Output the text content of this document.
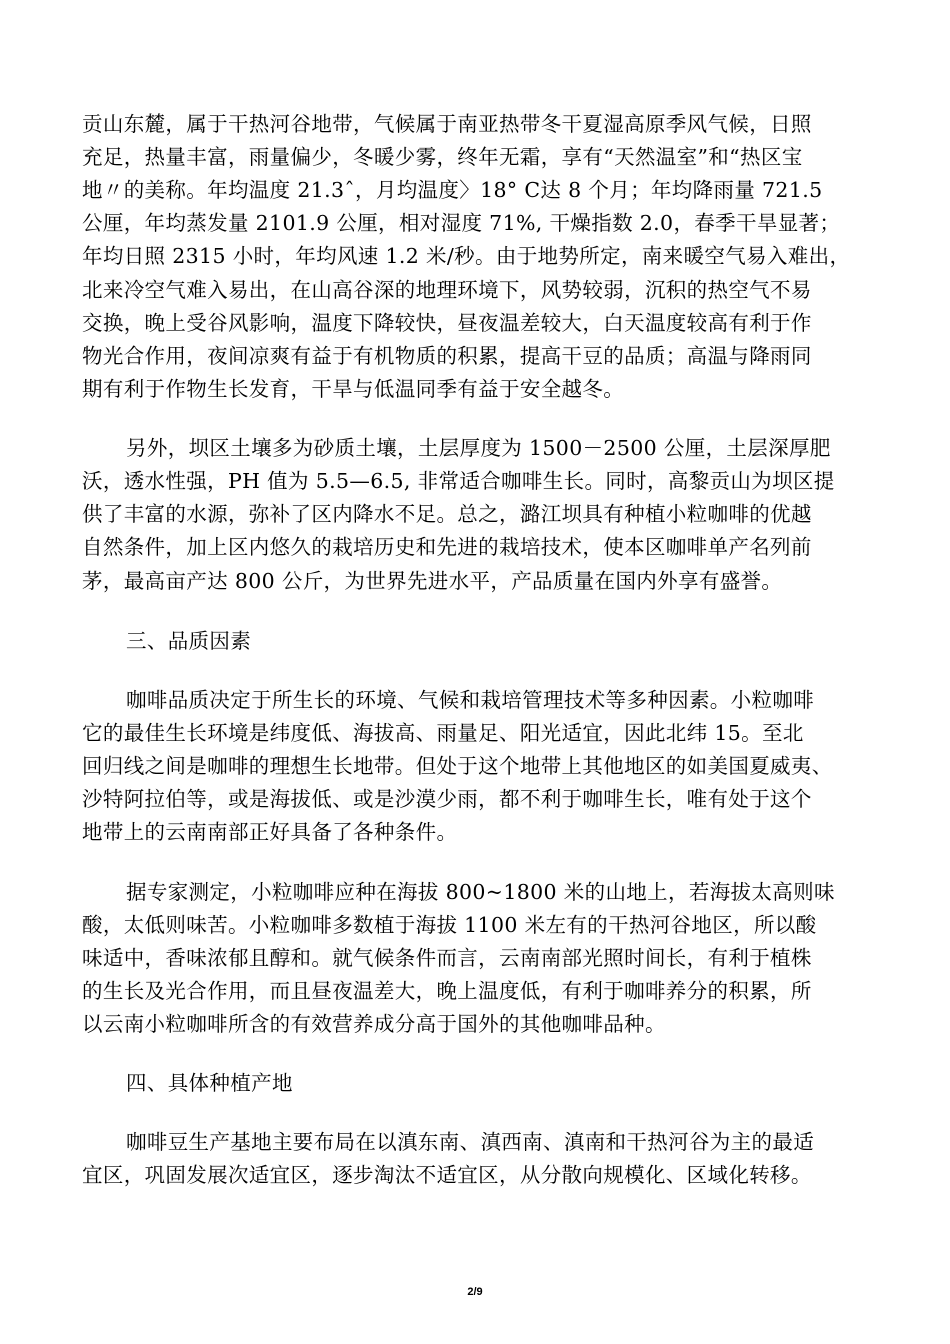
贡山东麓，属于干热河谷地带，气候属于南亚热带冬干夏湿高原季风气候，日照
充足，热量丰富，雨量偏少，冬暖少雾，终年无霜，享有“天然温室”和“热区宝
地〃的美称。年均温度 21.3ˆ，月均温度〉18° C达 8 个月；年均降雨量 721.5
公厘，年均蒸发量 2101.9 公厘，相对湿度 71%, 干燥指数 2.0，春季干旱显著；
年均日照 2315 小时，年均风速 1.2 米/秒。由于地势所定，南来暖空气易入难出，
北来冷空气难入易出，在山高谷深的地理环境下，风势较弱，沉积的热空气不易
交换，晚上受谷风影响，温度下降较快，昼夜温差较大，白天温度较高有利于作
物光合作用，夜间凉爽有益于有机物质的积累，提高干豆的品质；高温与降雨同
期有利于作物生长发育，干旱与低温同季有益于安全越冬。
另外，坝区土壤多为砂质土壤，土层厚度为 1500－2500 公厘，土层深厚肥
沃，透水性强，PH 值为 5.5—6.5, 非常适合咖啡生长。同时，高黎贡山为坝区提
供了丰富的水源，弥补了区内降水不足。总之，潞江坝具有种植小粒咖啡的优越
自然条件，加上区内悠久的栽培历史和先进的栽培技术，使本区咖啡单产名列前
茅，最高亩产达 800 公斤，为世界先进水平，产品质量在国内外享有盛誉。
三、品质因素
咖啡品质决定于所生长的环境、气候和栽培管理技术等多种因素。小粒咖啡
它的最佳生长环境是纬度低、海拔高、雨量足、阳光适宜，因此北纬 15。至北
回归线之间是咖啡的理想生长地带。但处于这个地带上其他地区的如美国夏威夷、
沙特阿拉伯等，或是海拔低、或是沙漠少雨，都不利于咖啡生长，唯有处于这个
地带上的云南南部正好具备了各种条件。
据专家测定，小粒咖啡应种在海拔 800~1800 米的山地上，若海拔太高则味
酸，太低则味苦。小粒咖啡多数植于海拔 1100 米左有的干热河谷地区，所以酸
味适中，香味浓郁且醇和。就气候条件而言，云南南部光照时间长，有利于植株
的生长及光合作用，而且昼夜温差大，晚上温度低，有利于咖啡养分的积累，所
以云南小粒咖啡所含的有效营养成分高于国外的其他咖啡品种。
四、具体种植产地
咖啡豆生产基地主要布局在以滇东南、滇西南、滇南和干热河谷为主的最适
宜区，巩固发展次适宜区，逐步淘汰不适宜区，从分散向规模化、区域化转移。
2/9
